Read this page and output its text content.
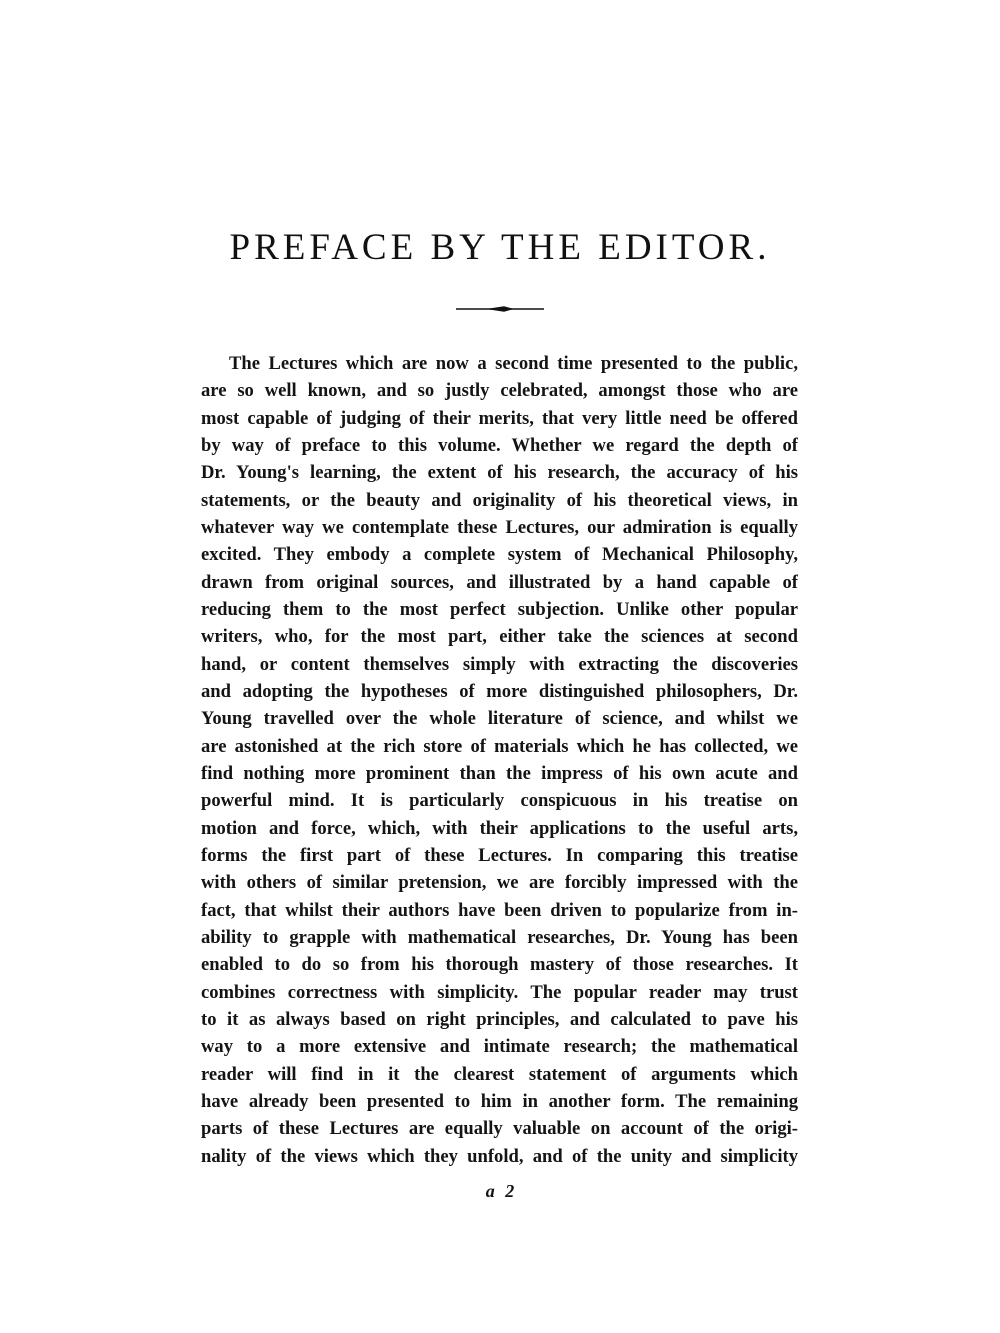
PREFACE BY THE EDITOR.
The Lectures which are now a second time presented to the public,
are so well known, and so justly celebrated, amongst those who are
most capable of judging of their merits, that very little need be offered
by way of preface to this volume. Whether we regard the depth of
Dr. Young's learning, the extent of his research, the accuracy of his
statements, or the beauty and originality of his theoretical views, in
whatever way we contemplate these Lectures, our admiration is equally
excited. They embody a complete system of Mechanical Philosophy,
drawn from original sources, and illustrated by a hand capable of
reducing them to the most perfect subjection. Unlike other popular
writers, who, for the most part, either take the sciences at second
hand, or content themselves simply with extracting the discoveries
and adopting the hypotheses of more distinguished philosophers, Dr.
Young travelled over the whole literature of science, and whilst we
are astonished at the rich store of materials which he has collected, we
find nothing more prominent than the impress of his own acute and
powerful mind. It is particularly conspicuous in his treatise on
motion and force, which, with their applications to the useful arts,
forms the first part of these Lectures. In comparing this treatise
with others of similar pretension, we are forcibly impressed with the
fact, that whilst their authors have been driven to popularize from in-
ability to grapple with mathematical researches, Dr. Young has been
enabled to do so from his thorough mastery of those researches. It
combines correctness with simplicity. The popular reader may trust
to it as always based on right principles, and calculated to pave his
way to a more extensive and intimate research; the mathematical
reader will find in it the clearest statement of arguments which
have already been presented to him in another form. The remaining
parts of these Lectures are equally valuable on account of the origi-
nality of the views which they unfold, and of the unity and simplicity
a 2
